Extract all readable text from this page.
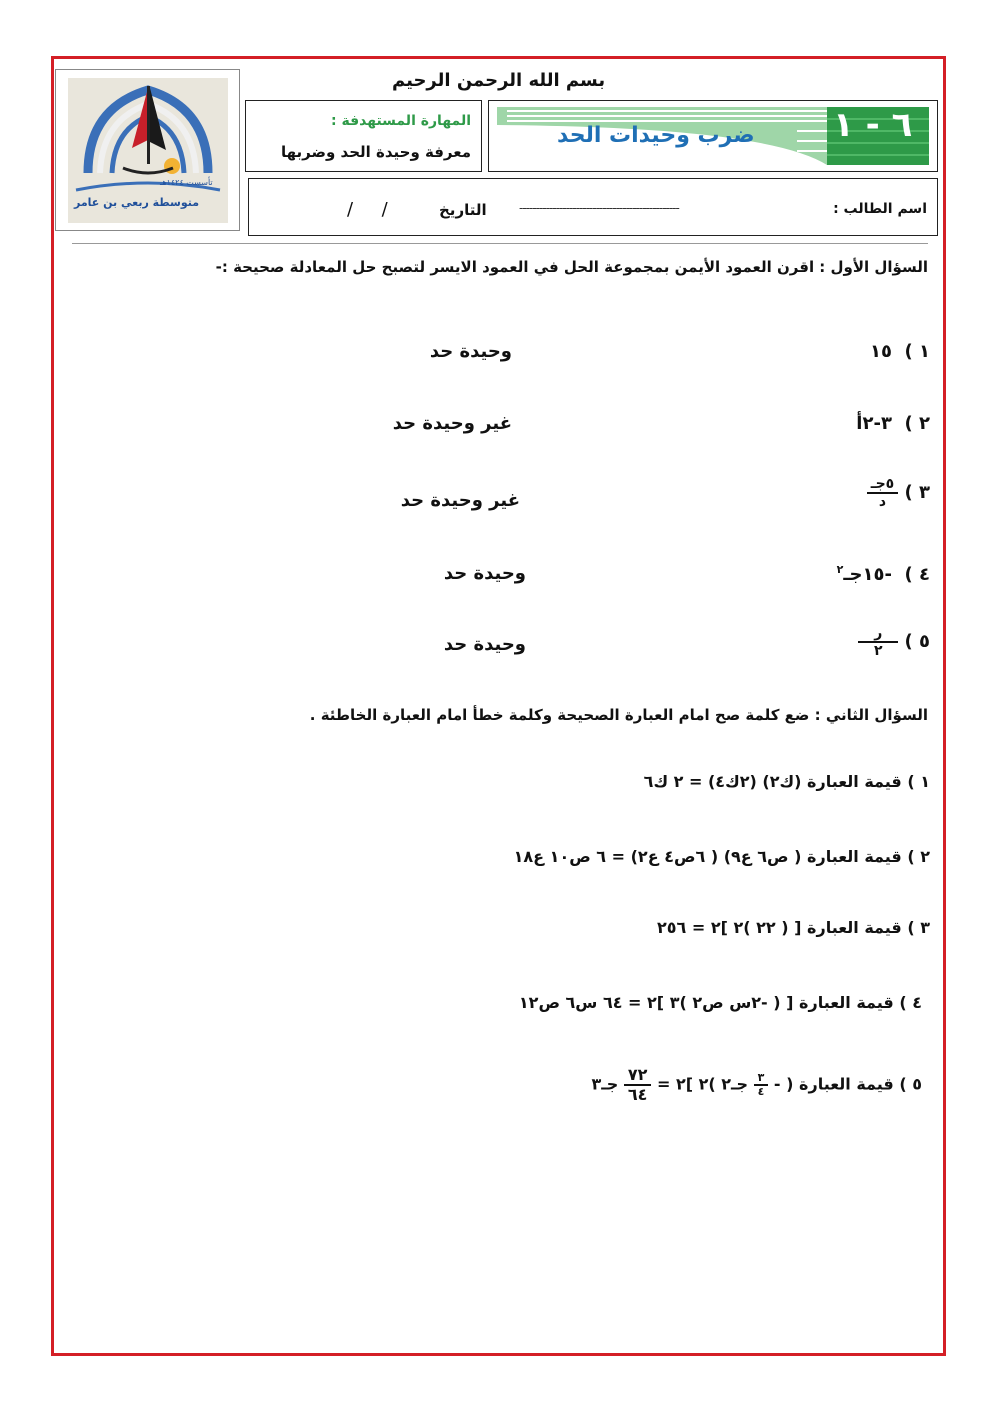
تأسست ١٤٢٤هـ
متوسطة ربعي بن عامر
بسم الله الرحمن الرحيم
المهارة المستهدفة :
معرفة وحيدة الحد وضربها
٦ - ١
ضرب وحيدات الحد
اسم الطالب :
------------------------------------------------
التاريخ
/     /
السؤال الأول : اقرن العمود الأيمن بمجموعة الحل في العمود الايسر لتصبح حل المعادلة صحيحة :-
١ )  ١٥
وحيدة حد
٢ )  ٣-٢أ
غير وحيدة حد
٣ )
$\frac{\text{٥جـ}}{\text{د}}$
غير وحيدة حد
٤ )  -١٥جـ$^٢$
وحيدة حد
٥ )
$\frac{\text{ر}}{٢}$
وحيدة حد
السؤال الثاني : ضع كلمة صح امام العبارة الصحيحة وكلمة خطأ امام العبارة الخاطئة .
١ ) قيمة العبارة (ك٢) (٢ك٤) = ٢ ك٦
٢ ) قيمة العبارة ( ص٦ ع٩) ( ٦ص٤ ع٢) = ٦ ص١٠ ع١٨
٣ ) قيمة العبارة [ ( ٢٢ )٢ ]٢ = ٢٥٦
٤ ) قيمة العبارة [ ( -٢س ص٢ )٣ ]٢ = ٦٤ س٦ ص١٢
٥ ) قيمة العبارة ( -
$\frac{٣}{٤}$
جـ٢ )٢ ]٢ =
$\frac{٧٢}{٦٤}$
جـ٣
